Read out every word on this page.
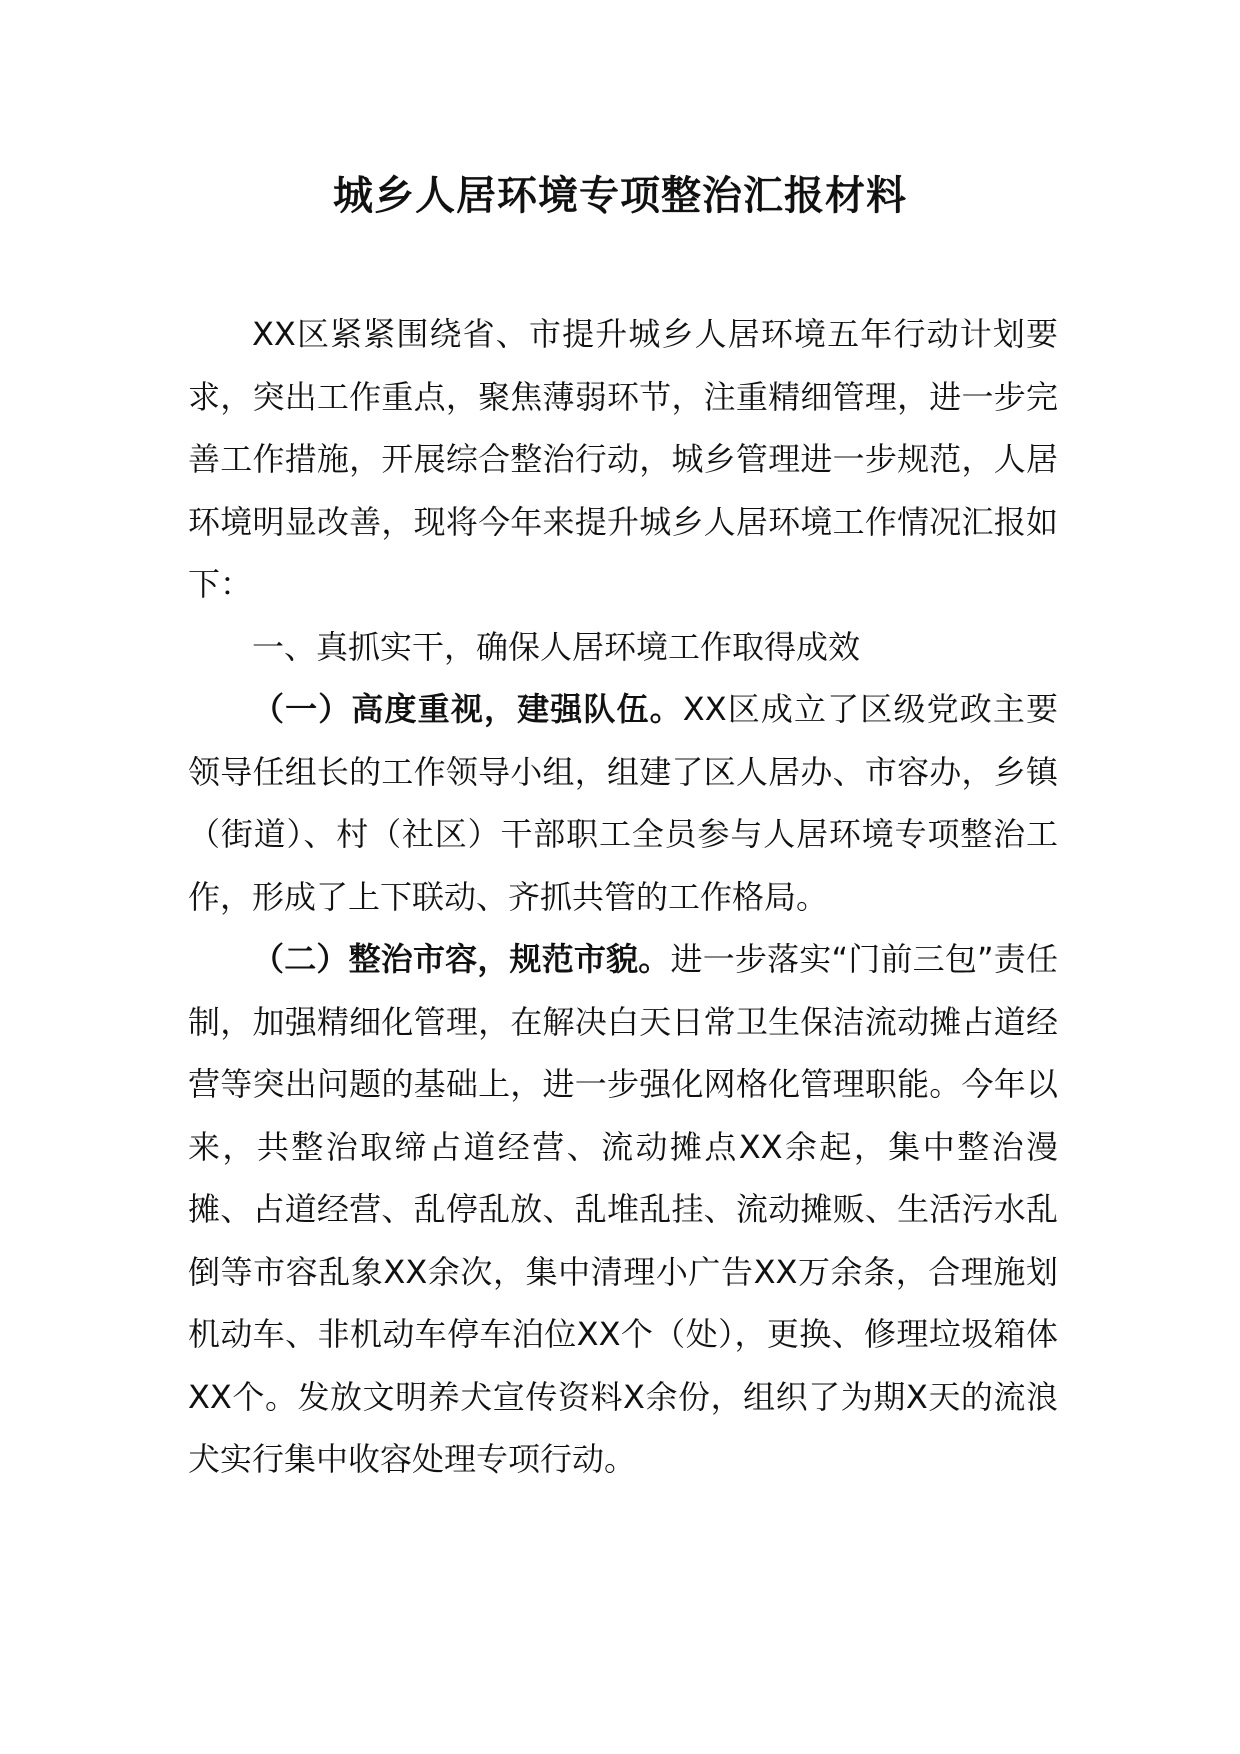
城乡人居环境专项整治汇报材料

XX区紧紧围绕省、市提升城乡人居环境五年行动计划要求，突出工作重点，聚焦薄弱环节，注重精细管理，进一步完善工作措施，开展综合整治行动，城乡管理进一步规范，人居环境明显改善，现将今年来提升城乡人居环境工作情况汇报如下：

一、真抓实干，确保人居环境工作取得成效

（一）高度重视，建强队伍。XX区成立了区级党政主要领导任组长的工作领导小组，组建了区人居办、市容办，乡镇（街道）、村（社区）干部职工全员参与人居环境专项整治工作，形成了上下联动、齐抓共管的工作格局。

（二）整治市容，规范市貌。进一步落实“门前三包”责任制，加强精细化管理，在解决白天日常卫生保洁流动摊占道经营等突出问题的基础上，进一步强化网格化管理职能。今年以来，共整治取缔占道经营、流动摊点XX余起，集中整治漫摊、占道经营、乱停乱放、乱堆乱挂、流动摊贩、生活污水乱倒等市容乱象XX余次，集中清理小广告XX万余条，合理施划机动车、非机动车停车泊位XX个（处），更换、修理垃圾箱体XX个。发放文明养犬宣传资料X余份，组织了为期X天的流浪犬实行集中收容处理专项行动。
